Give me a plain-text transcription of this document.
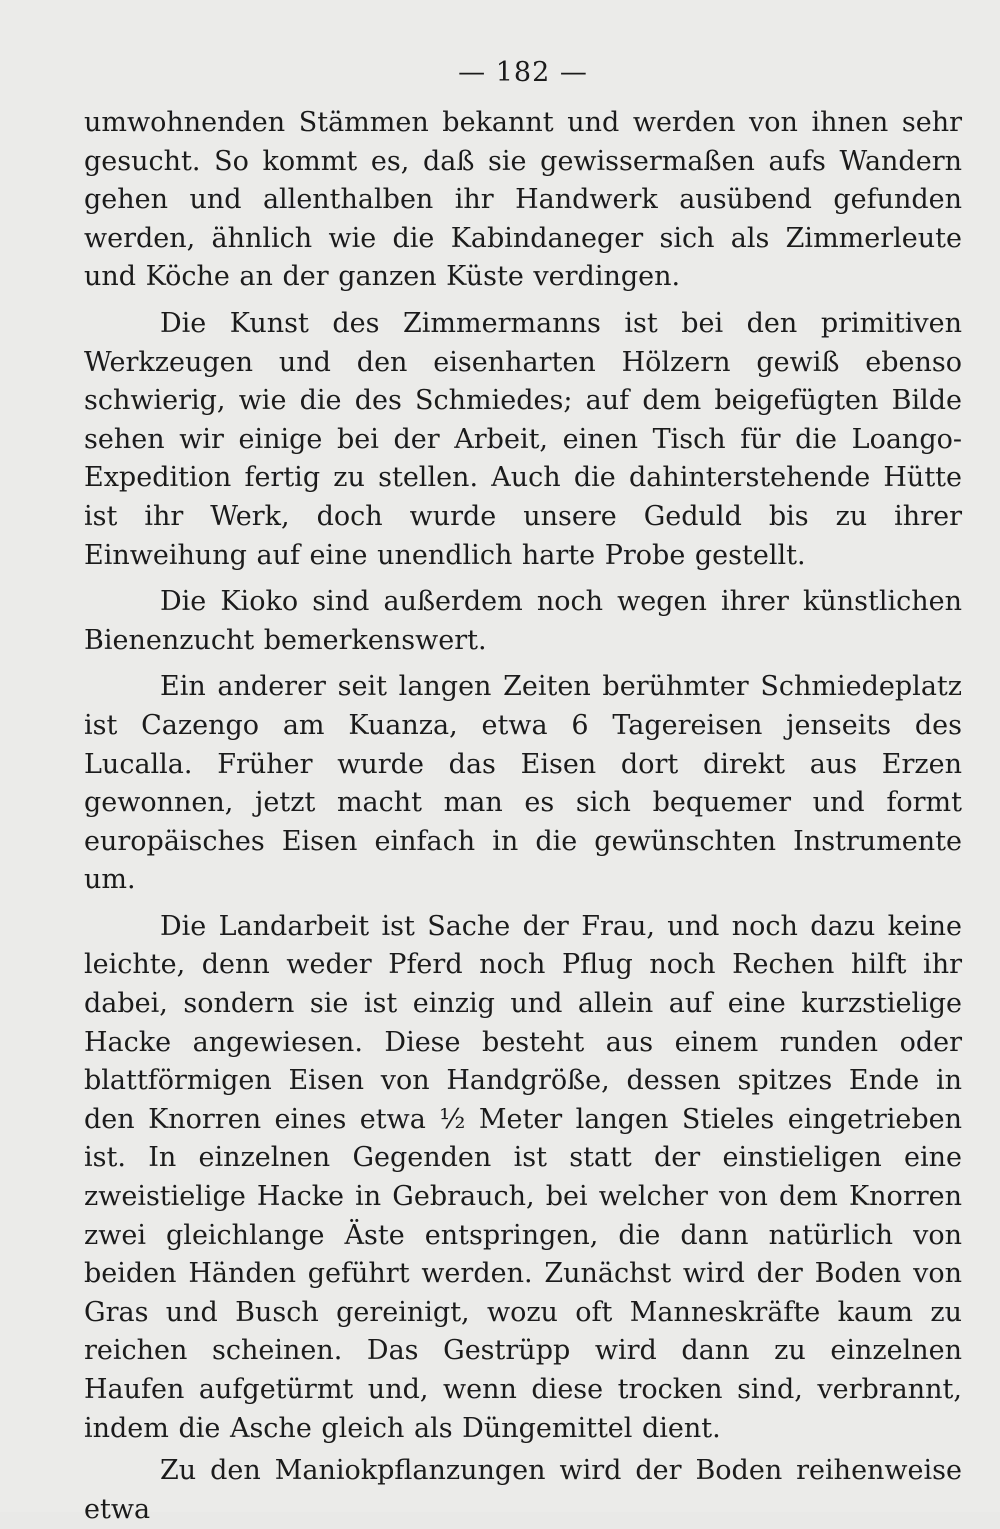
— 182 —

umwohnenden Stämmen bekannt und werden von ihnen sehr gesucht. So kommt es, daß sie gewissermaßen aufs Wandern gehen und allenthalben ihr Handwerk ausübend gefunden werden, ähnlich wie die Kabindaneger sich als Zimmerleute und Köche an der ganzen Küste verdingen.

Die Kunst des Zimmermanns ist bei den primitiven Werkzeugen und den eisenharten Hölzern gewiß ebenso schwierig, wie die des Schmiedes; auf dem beigefügten Bilde sehen wir einige bei der Arbeit, einen Tisch für die Loango-Expedition fertig zu stellen. Auch die dahinterstehende Hütte ist ihr Werk, doch wurde unsere Geduld bis zu ihrer Einweihung auf eine unendlich harte Probe gestellt.

Die Kioko sind außerdem noch wegen ihrer künstlichen Bienenzucht bemerkenswert.

Ein anderer seit langen Zeiten berühmter Schmiedeplatz ist Cazengo am Kuanza, etwa 6 Tagereisen jenseits des Lucalla. Früher wurde das Eisen dort direkt aus Erzen gewonnen, jetzt macht man es sich bequemer und formt europäisches Eisen einfach in die gewünschten Instrumente um.

Die Landarbeit ist Sache der Frau, und noch dazu keine leichte, denn weder Pferd noch Pflug noch Rechen hilft ihr dabei, sondern sie ist einzig und allein auf eine kurzstielige Hacke angewiesen. Diese besteht aus einem runden oder blattförmigen Eisen von Handgröße, dessen spitzes Ende in den Knorren eines etwa ½ Meter langen Stieles eingetrieben ist. In einzelnen Gegenden ist statt der einstieligen eine zweistielige Hacke in Gebrauch, bei welcher von dem Knorren zwei gleichlange Äste entspringen, die dann natürlich von beiden Händen geführt werden. Zunächst wird der Boden von Gras und Busch gereinigt, wozu oft Manneskräfte kaum zu reichen scheinen. Das Gestrüpp wird dann zu einzelnen Haufen aufgetürmt und, wenn diese trocken sind, verbrannt, indem die Asche gleich als Düngemittel dient.

Zu den Maniokpflanzungen wird der Boden reihenweise etwa
